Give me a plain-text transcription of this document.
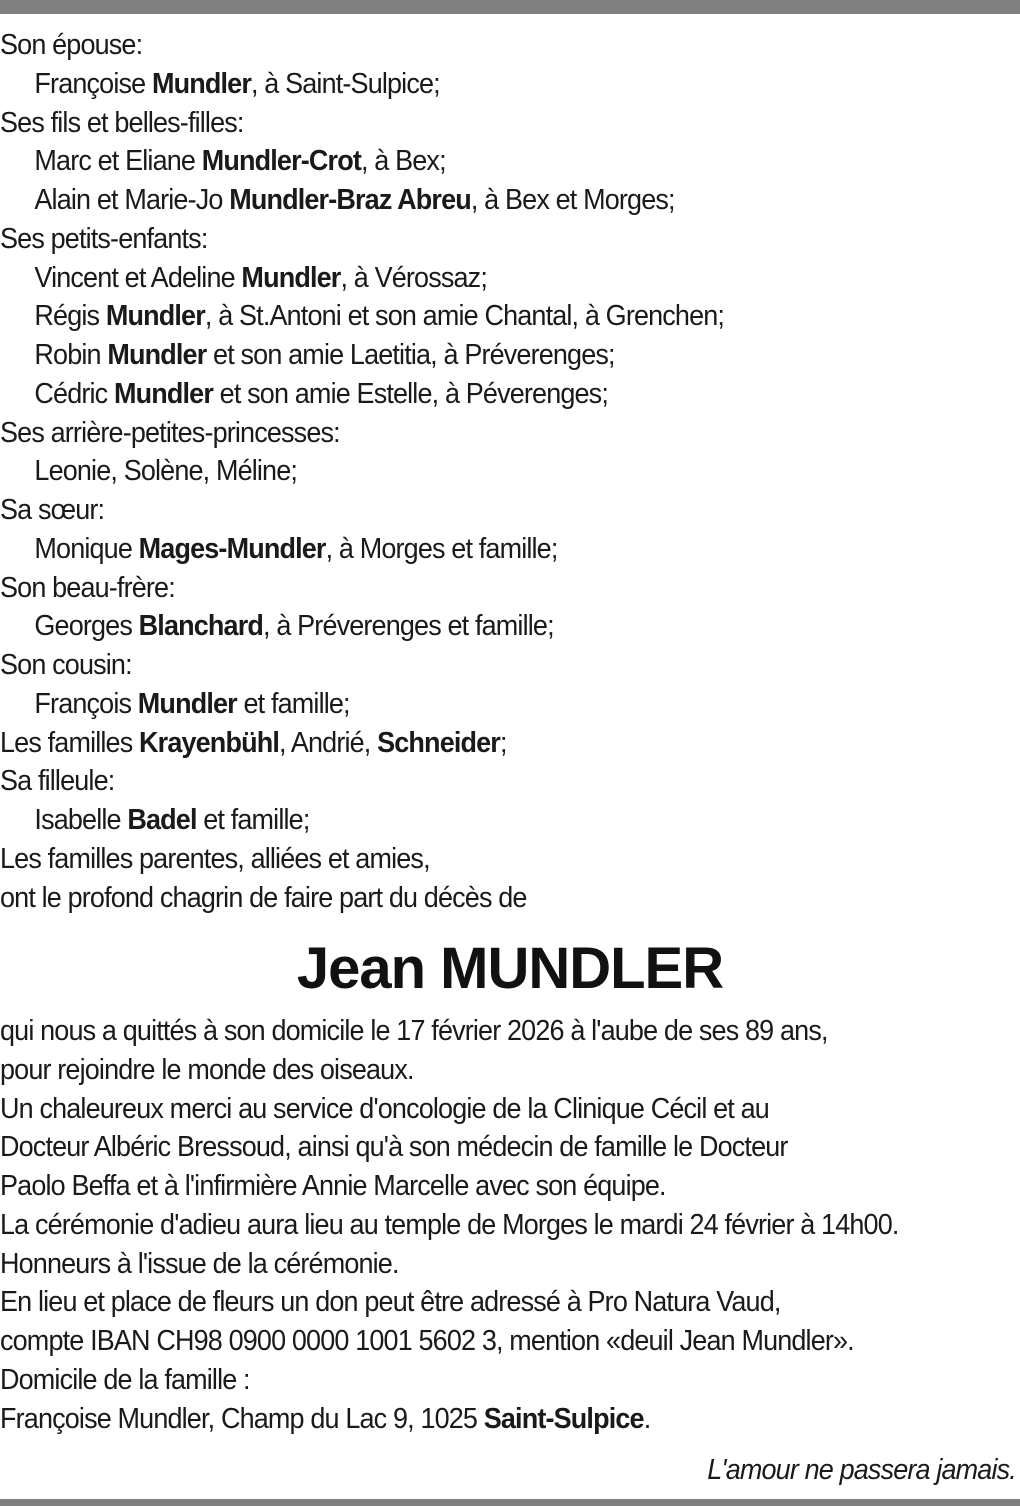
Son épouse:
Françoise Mundler, à Saint-Sulpice;
Ses fils et belles-filles:
Marc et Eliane Mundler-Crot, à Bex;
Alain et Marie-Jo Mundler-Braz Abreu, à Bex et Morges;
Ses petits-enfants:
Vincent et Adeline Mundler, à Vérossaz;
Régis Mundler, à St.Antoni et son amie Chantal, à Grenchen;
Robin Mundler et son amie Laetitia, à Préverenges;
Cédric Mundler et son amie Estelle, à Péverenges;
Ses arrière-petites-princesses:
Leonie, Solène, Méline;
Sa sœur:
Monique Mages-Mundler, à Morges et famille;
Son beau-frère:
Georges Blanchard, à Préverenges et famille;
Son cousin:
François Mundler et famille;
Les familles Krayenbühl, Andrié, Schneider;
Sa filleule:
Isabelle Badel et famille;
Les familles parentes, alliées et amies,
ont le profond chagrin de faire part du décès de
Jean MUNDLER
qui nous a quittés à son domicile le 17 février 2026 à l'aube de ses 89 ans,
pour rejoindre le monde des oiseaux.
Un chaleureux merci au service d'oncologie de la Clinique Cécil et au
Docteur Albéric Bressoud, ainsi qu'à son médecin de famille le Docteur
Paolo Beffa et à l'infirmière Annie Marcelle avec son équipe.
La cérémonie d'adieu aura lieu au temple de Morges le mardi 24 février à 14h00.
Honneurs à l'issue de la cérémonie.
En lieu et place de fleurs un don peut être adressé à Pro Natura Vaud,
compte IBAN CH98 0900 0000 1001 5602 3, mention «deuil Jean Mundler».
Domicile de la famille :
Françoise Mundler, Champ du Lac 9, 1025 Saint-Sulpice.
L'amour ne passera jamais.
